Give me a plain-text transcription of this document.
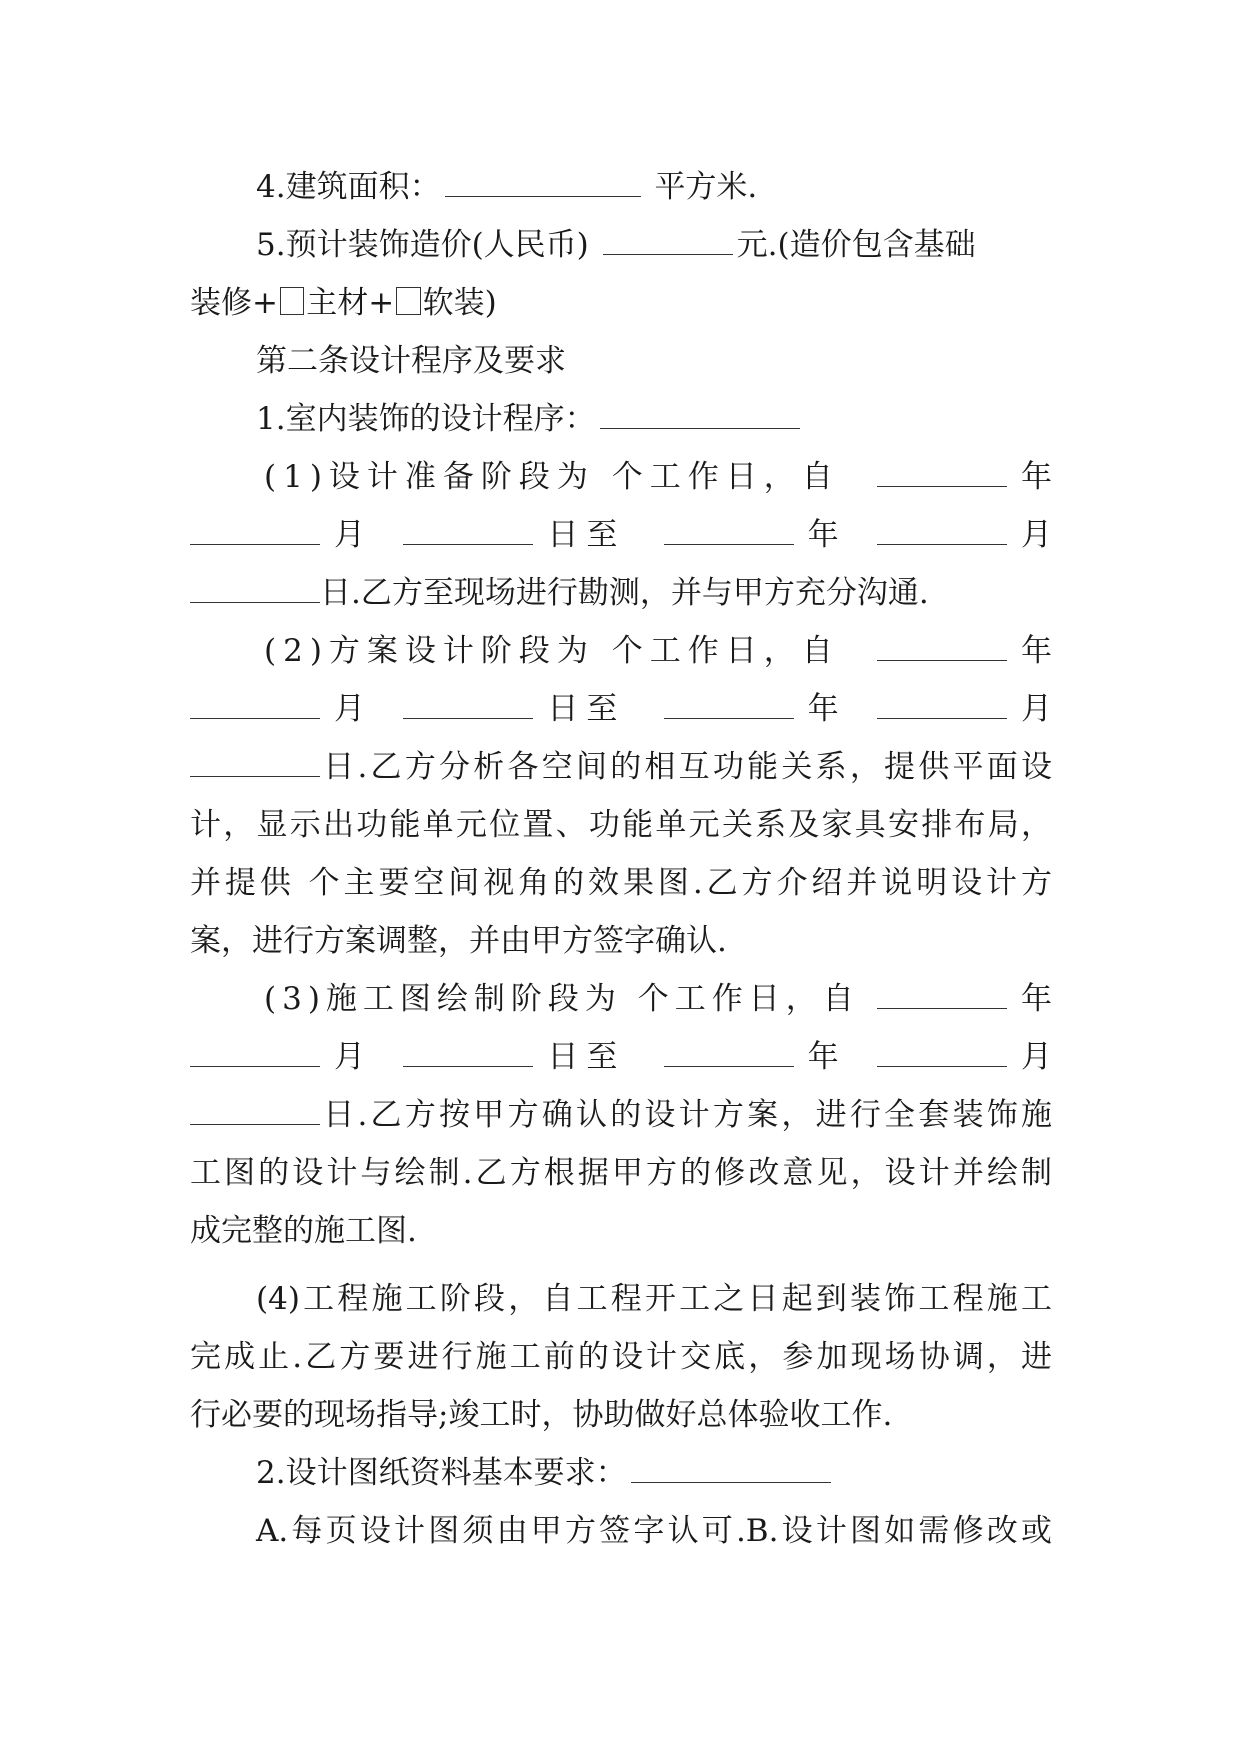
4.建筑面积：	平方米.
5.预计装饰造价(人民币)	元.(造价包含基础
装修+ 主材+ 软装)
第二条设计程序及要求
1.室内装饰的设计程序：
(1)设计准备阶段为 个工作日，自	年
月	日至	年	月
日.乙方至现场进行勘测，并与甲方充分沟通.
(2)方案设计阶段为 个工作日，自	年
月	日至	年	月
日.乙方分析各空间的相互功能关系，提供平面设
计，显示出功能单元位置、功能单元关系及家具安排布局，
并提供 个主要空间视角的效果图.乙方介绍并说明设计方
案，进行方案调整，并由甲方签字确认.
(3)施工图绘制阶段为 个工作日，自	年
月	日至	年	月
日.乙方按甲方确认的设计方案，进行全套装饰施
工图的设计与绘制.乙方根据甲方的修改意见，设计并绘制
成完整的施工图.
(4)工程施工阶段，自工程开工之日起到装饰工程施工
完成止.乙方要进行施工前的设计交底，参加现场协调，进
行必要的现场指导;竣工时，协助做好总体验收工作.
2.设计图纸资料基本要求：
A.每页设计图须由甲方签字认可.B.设计图如需修改或
